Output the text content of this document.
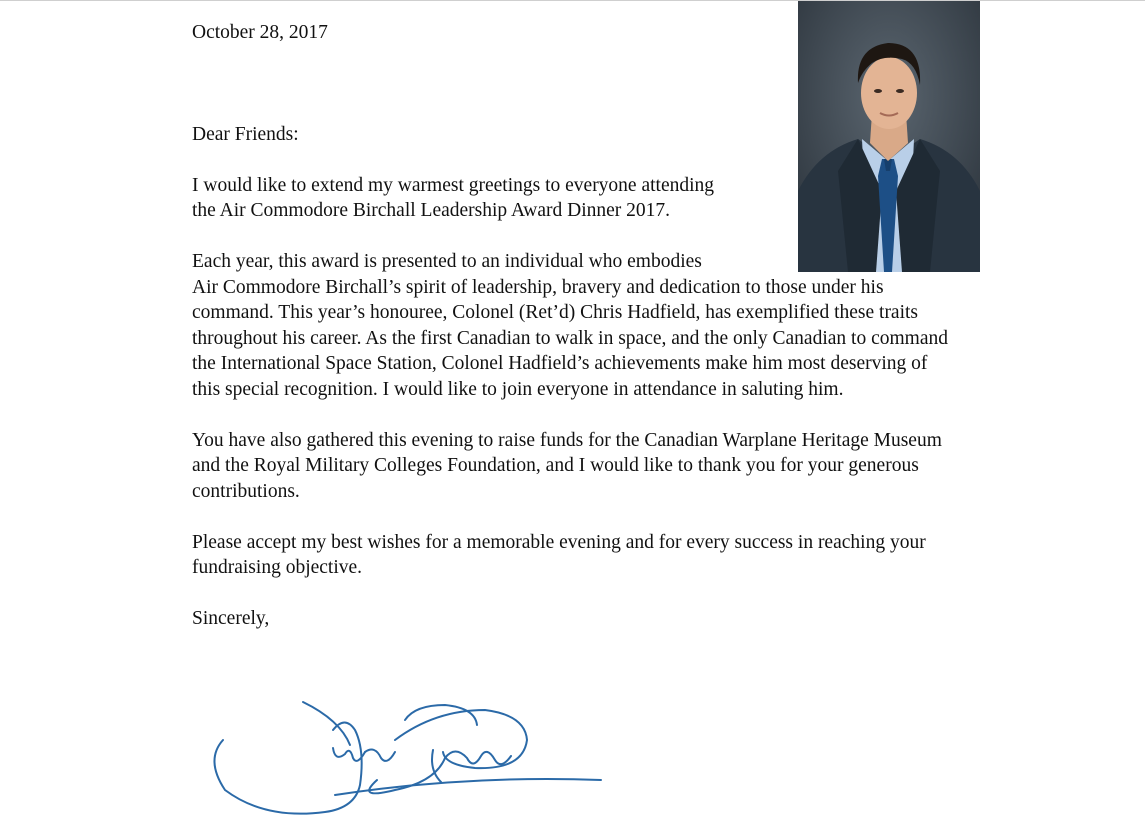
October 28, 2017

Dear Friends:

I would like to extend my warmest greetings to everyone attending
the Air Commodore Birchall Leadership Award Dinner 2017.

Each year, this award is presented to an individual who embodies
Air Commodore Birchall’s spirit of leadership, bravery and dedication to those under his command. This year’s honouree, Colonel (Ret’d) Chris Hadfield, has exemplified these traits throughout his career. As the first Canadian to walk in space, and the only Canadian to command the International Space Station, Colonel Hadfield’s achievements make him most deserving of this special recognition. I would like to join everyone in attendance in saluting him.

You have also gathered this evening to raise funds for the Canadian Warplane Heritage Museum and the Royal Military Colleges Foundation, and I would like to thank you for your generous contributions.

Please accept my best wishes for a memorable evening and for every success in reaching your fundraising objective.

Sincerely,
